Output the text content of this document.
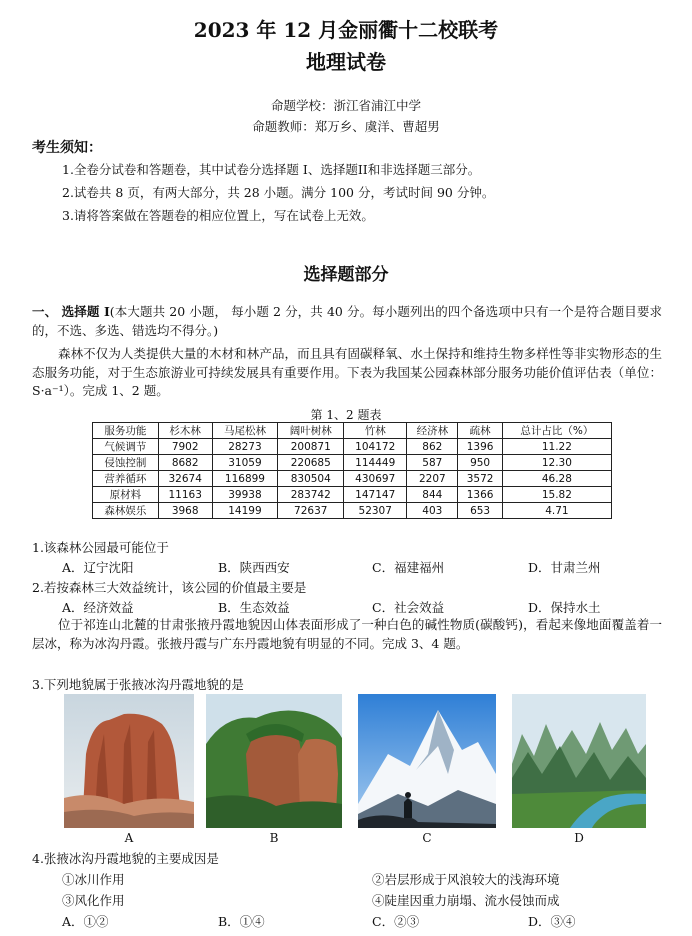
2023 年 12 月金丽衢十二校联考
地理试卷
命题学校：浙江省浦江中学
命题教师：郑万乡、虞洋、曹超男
考生须知：
1.全卷分试卷和答题卷，其中试卷分选择题 I、选择题II和非选择题三部分。
2.试卷共 8 页，有两大部分，共 28 小题。满分 100 分，考试时间 90 分钟。
3.请将答案做在答题卷的相应位置上，写在试卷上无效。
选择题部分
一、 选择题 I(本大题共 20 小题， 每小题 2 分，共 40 分。每小题列出的四个备选项中只有一个是符合题目要求的，不选、多选、错选均不得分。)
森林不仅为人类提供大量的木材和林产品，而且具有固碳释氧、水土保持和维持生物多样性等非实物形态的生态服务功能，对于生态旅游业可持续发展具有重要作用。下表为我国某公园森林部分服务功能价值评估表（单位：S·a⁻¹）。完成 1、2 题。
第 1、2 题表
服务功能	杉木林	马尾松林	阔叶树林	竹林	经济林	疏林	总计占比（%）
气候调节	7902	28273	200871	104172	862	1396	11.22
侵蚀控制	8682	31059	220685	114449	587	950	12.30
营养循环	32674	116899	830504	430697	2207	3572	46.28
原材料	11163	39938	283742	147147	844	1366	15.82
森林娱乐	3968	14199	72637	52307	403	653	4.71
1.该森林公园最可能位于
A．辽宁沈阳	B．陕西西安	C．福建福州	D．甘肃兰州
2.若按森林三大效益统计，该公园的价值最主要是
A．经济效益	B．生态效益	C．社会效益	D．保持水土
位于祁连山北麓的甘肃张掖丹霞地貌因山体表面形成了一种白色的碱性物质(碳酸钙)，看起来像地面覆盖着一层冰，称为冰沟丹霞。张掖丹霞与广东丹霞地貌有明显的不同。完成 3、4 题。
3.下列地貌属于张掖冰沟丹霞地貌的是
A	B	C	D
4.张掖冰沟丹霞地貌的主要成因是
①冰川作用	②岩层形成于风浪较大的浅海环境
③风化作用	④陡崖因重力崩塌、流水侵蚀而成
A．①②	B．①④	C．②③	D．③④
